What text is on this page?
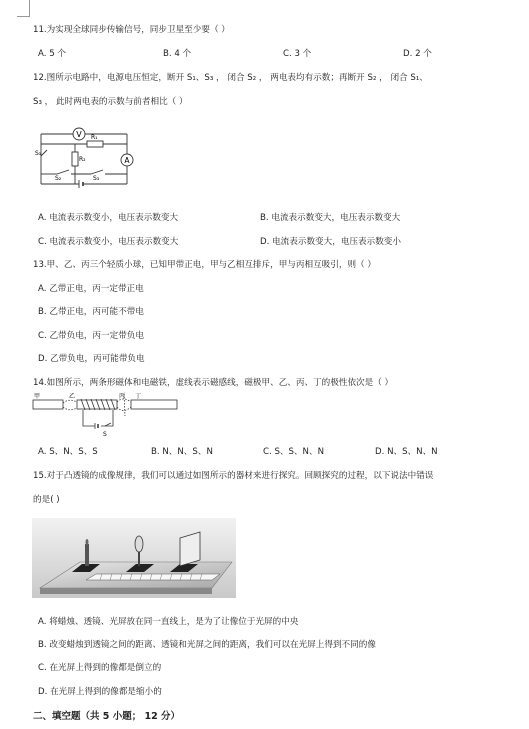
11.为实现全球同步传输信号，同步卫星至少要（ ）
A. 5 个	B. 4 个	C. 3 个	D. 2 个
12.图所示电路中，电源电压恒定，断开 S₁、S₃ ， 闭合 S₂ ， 两电表均有示数；再断开 S₂ ， 闭合 S₁、
S₃ ， 此时两电表的示数与前者相比（ ）
V
A
R₁
R₂
S₁
S₂	S₃
A. 电流表示数变小，电压表示数变大	B. 电流表示数变大，电压表示数变大
C. 电流表示数变小，电压表示数变大	D. 电流表示数变大，电压表示数变小
13.甲、乙、丙三个轻质小球，已知甲带正电，甲与乙相互排斥，甲与丙相互吸引，则（ ）
A. 乙带正电，丙一定带正电
B. 乙带正电，丙可能不带电
C. 乙带负电，丙一定带负电
D. 乙带负电，丙可能带负电
14.如图所示，两条形磁体和电磁铁，虚线表示磁感线，磁极甲、乙、丙、丁的极性依次是（ ）
甲	乙	丙 丁
S
A. S、N、S、S	B. N、N、S、N	C. S、S、N、N	D. N、S、N、N
15.对于凸透镜的成像规律，我们可以通过如图所示的器材来进行探究。回顾探究的过程，以下说法中错误
的是( )
A. 将蜡烛、透镜、光屏放在同一直线上，是为了让像位于光屏的中央
B. 改变蜡烛到透镜之间的距离、透镜和光屏之间的距离，我们可以在光屏上得到不同的像
C. 在光屏上得到的像都是倒立的
D. 在光屏上得到的像都是缩小的
二、填空题（共 5 小题； 12 分）
